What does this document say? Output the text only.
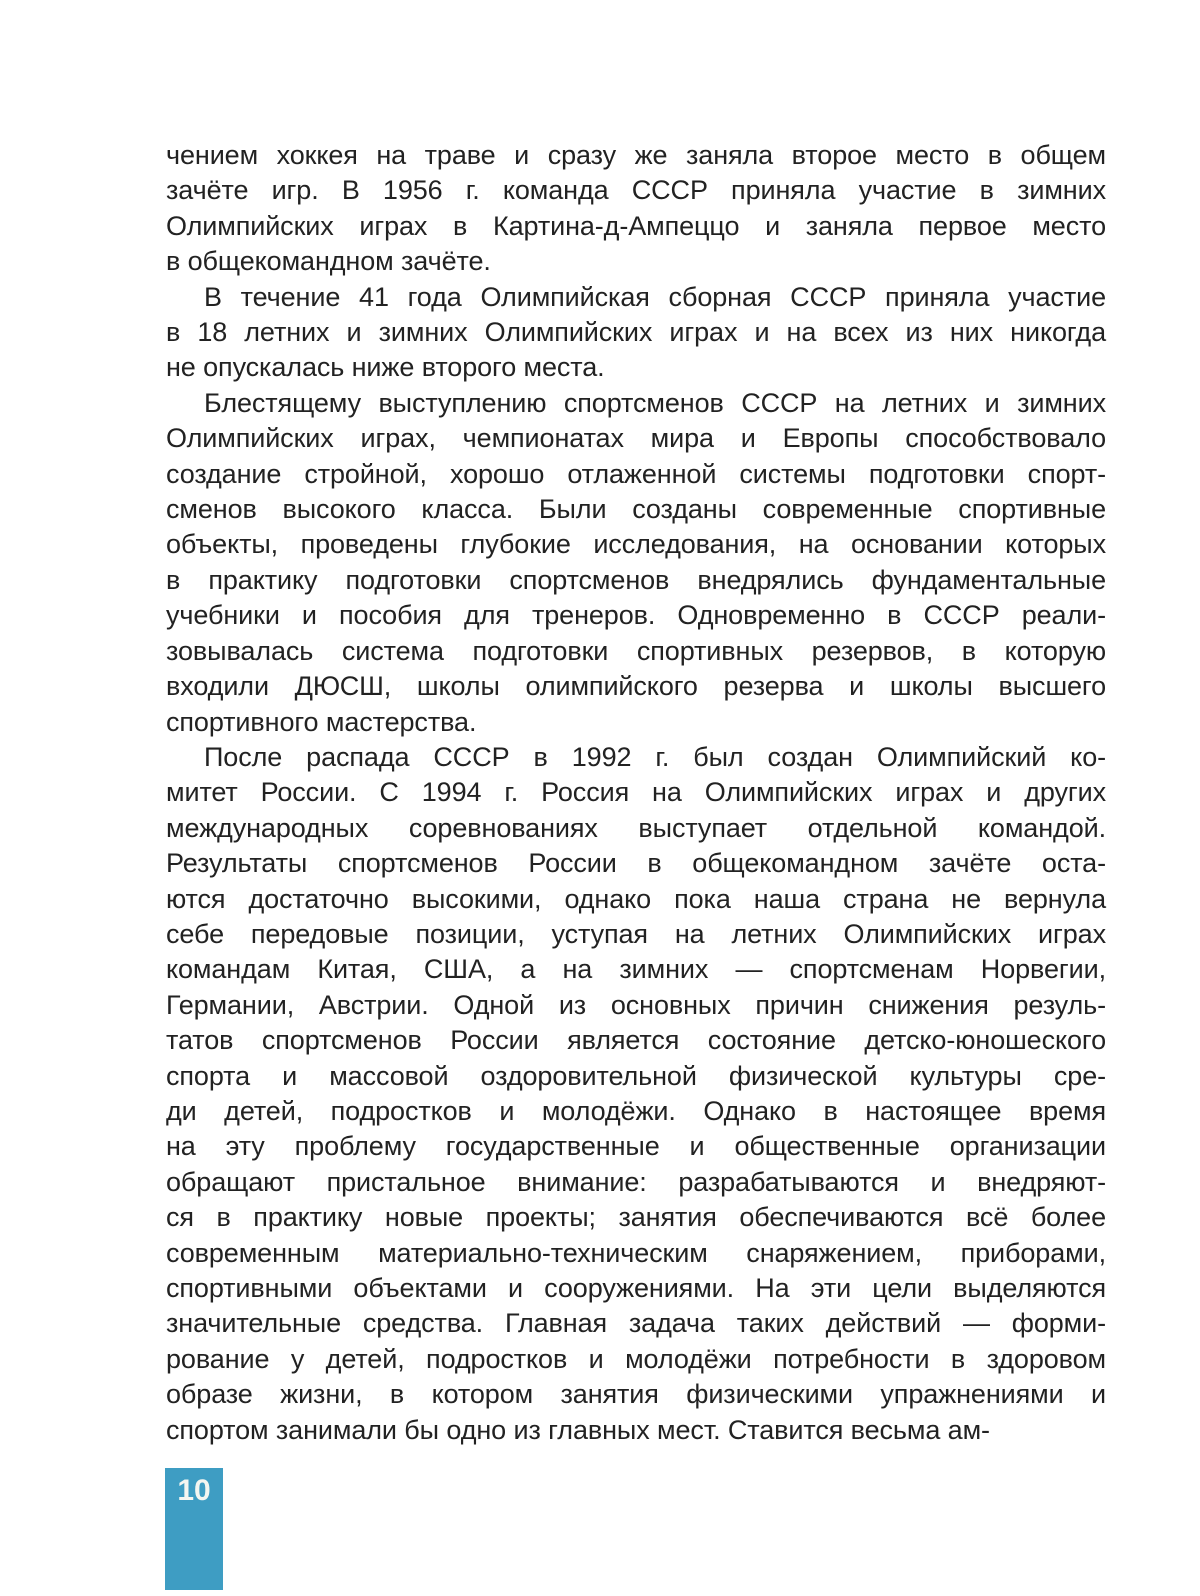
чением хоккея на траве и сразу же заняла второе место в общем
зачёте игр. В 1956 г. команда СССР приняла участие в зимних
Олимпийских играх в Картина-д-Ампеццо и заняла первое место
в общекомандном зачёте.
В течение 41 года Олимпийская сборная СССР приняла участие
в 18 летних и зимних Олимпийских играх и на всех из них никогда
не опускалась ниже второго места.
Блестящему выступлению спортсменов СССР на летних и зимних
Олимпийских играх, чемпионатах мира и Европы способствовало
создание стройной, хорошо отлаженной системы подготовки спорт-
сменов высокого класса. Были созданы современные спортивные
объекты, проведены глубокие исследования, на основании которых
в практику подготовки спортсменов внедрялись фундаментальные
учебники и пособия для тренеров. Одновременно в СССР реали-
зовывалась система подготовки спортивных резервов, в которую
входили ДЮСШ, школы олимпийского резерва и школы высшего
спортивного мастерства.
После распада СССР в 1992 г. был создан Олимпийский ко-
митет России. С 1994 г. Россия на Олимпийских играх и других
международных соревнованиях выступает отдельной командой.
Результаты спортсменов России в общекомандном зачёте оста-
ются достаточно высокими, однако пока наша страна не вернула
себе передовые позиции, уступая на летних Олимпийских играх
командам Китая, США, а на зимних — спортсменам Норвегии,
Германии, Австрии. Одной из основных причин снижения резуль-
татов спортсменов России является состояние детско-юношеского
спорта и массовой оздоровительной физической культуры сре-
ди детей, подростков и молодёжи. Однако в настоящее время
на эту проблему государственные и общественные организации
обращают пристальное внимание: разрабатываются и внедряют-
ся в практику новые проекты; занятия обеспечиваются всё более
современным материально-техническим снаряжением, приборами,
спортивными объектами и сооружениями. На эти цели выделяются
значительные средства. Главная задача таких действий — форми-
рование у детей, подростков и молодёжи потребности в здоровом
образе жизни, в котором занятия физическими упражнениями и
спортом занимали бы одно из главных мест. Ставится весьма ам-
10
